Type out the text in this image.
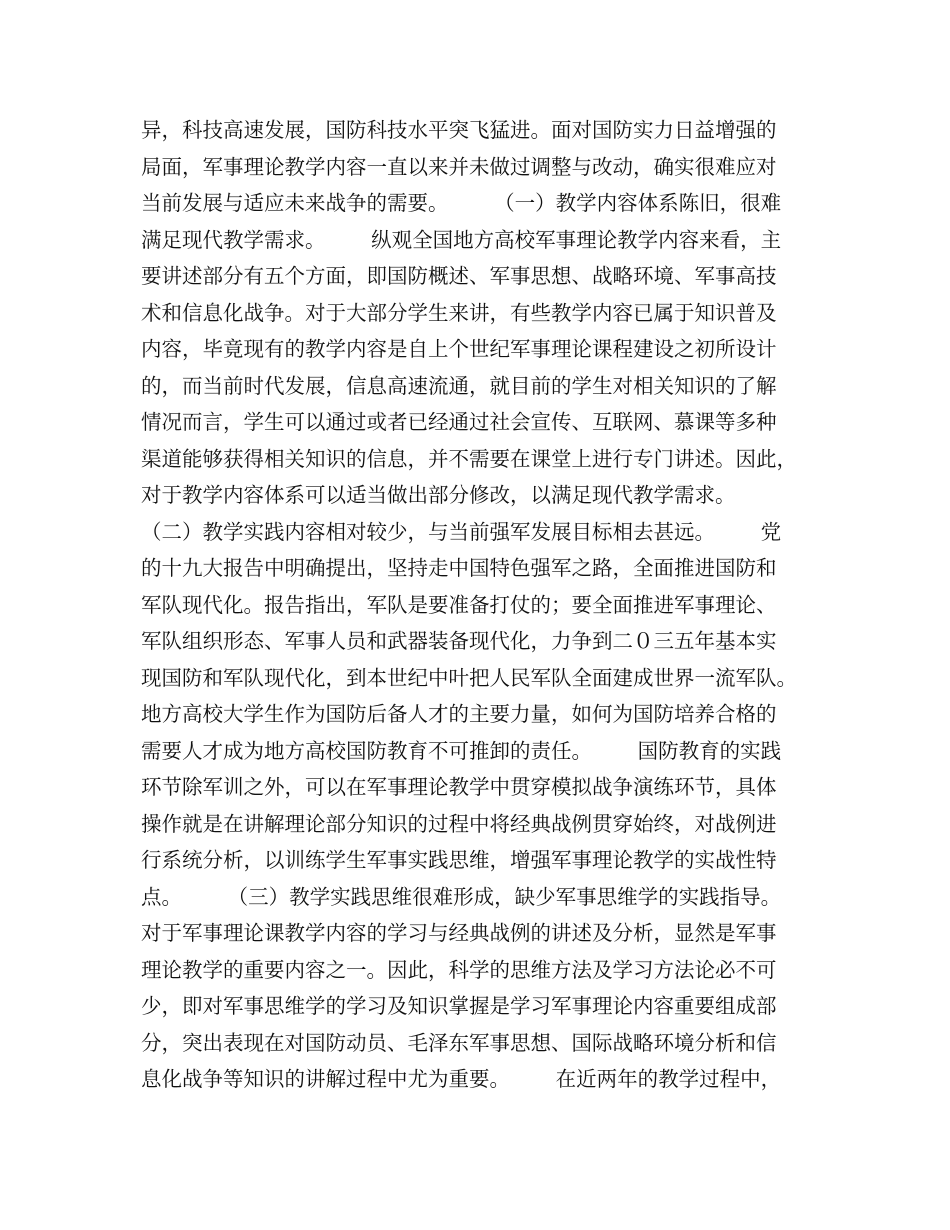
异，科技高速发展，国防科技水平突飞猛进。面对国防实力日益增强的
局面，军事理论教学内容一直以来并未做过调整与改动，确实很难应对
当前发展与适应未来战争的需要。       （一）教学内容体系陈旧，很难
满足现代教学需求。       纵观全国地方高校军事理论教学内容来看，主
要讲述部分有五个方面，即国防概述、军事思想、战略环境、军事高技
术和信息化战争。对于大部分学生来讲，有些教学内容已属于知识普及
内容，毕竟现有的教学内容是自上个世纪军事理论课程建设之初所设计
的，而当前时代发展，信息高速流通，就目前的学生对相关知识的了解
情况而言，学生可以通过或者已经通过社会宣传、互联网、慕课等多种
渠道能够获得相关知识的信息，并不需要在课堂上进行专门讲述。因此，
对于教学内容体系可以适当做出部分修改，以满足现代教学需求。
（二）教学实践内容相对较少，与当前强军发展目标相去甚远。       党
的十九大报告中明确提出，坚持走中国特色强军之路，全面推进国防和
军队现代化。报告指出，军队是要准备打仗的；要全面推进军事理论、
军队组织形态、军事人员和武器装备现代化，力争到二０三五年基本实
现国防和军队现代化，到本世纪中叶把人民军队全面建成世界一流军队。
地方高校大学生作为国防后备人才的主要力量，如何为国防培养合格的
需要人才成为地方高校国防教育不可推卸的责任。       国防教育的实践
环节除军训之外，可以在军事理论教学中贯穿模拟战争演练环节，具体
操作就是在讲解理论部分知识的过程中将经典战例贯穿始终，对战例进
行系统分析，以训练学生军事实践思维，增强军事理论教学的实战性特
点。       （三）教学实践思维很难形成，缺少军事思维学的实践指导。
对于军事理论课教学内容的学习与经典战例的讲述及分析，显然是军事
理论教学的重要内容之一。因此，科学的思维方法及学习方法论必不可
少，即对军事思维学的学习及知识掌握是学习军事理论内容重要组成部
分，突出表现在对国防动员、毛泽东军事思想、国际战略环境分析和信
息化战争等知识的讲解过程中尤为重要。       在近两年的教学过程中，
